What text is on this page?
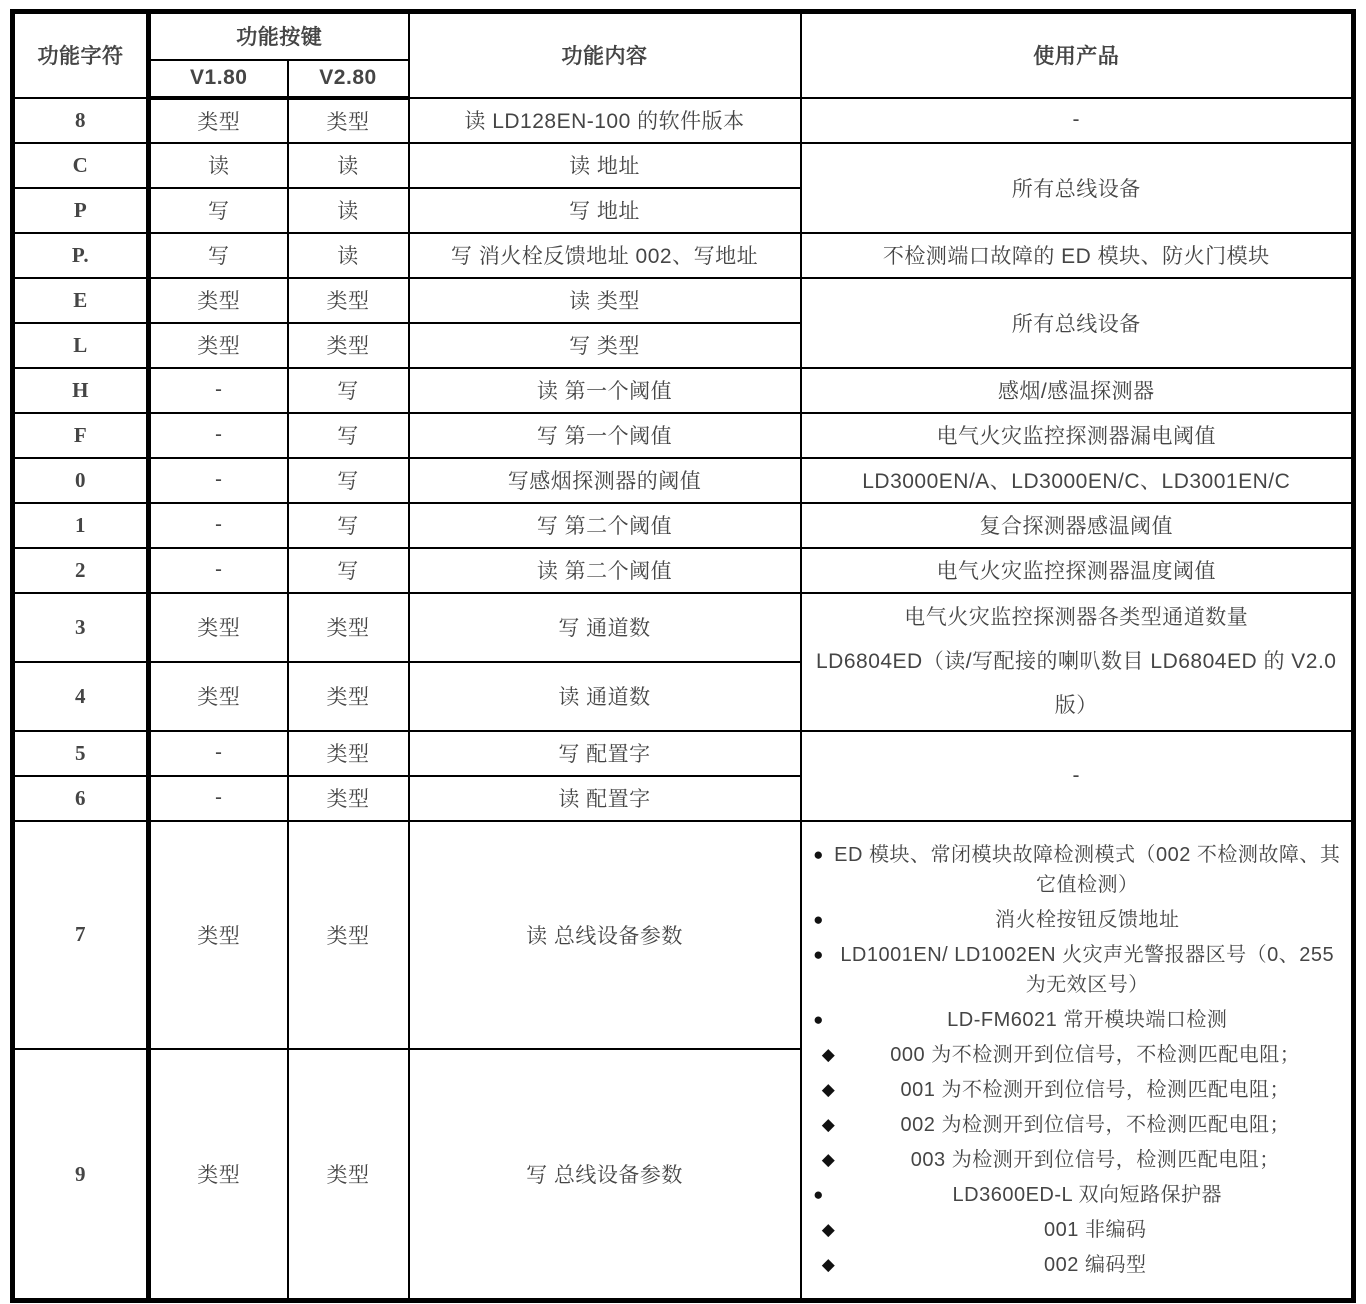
功能字符	功能按键		功能内容	使用产品
	V1.80	V2.80		
8	类型	类型	读 LD128EN-100 的软件版本	-
C	读	读	读 地址	所有总线设备
P	写	读	写 地址	
P.	写	读	写 消火栓反馈地址 002、写地址	不检测端口故障的 ED 模块、防火门模块
E	类型	类型	读 类型	所有总线设备
L	类型	类型	写 类型	
H	-	写	读 第一个阈值	感烟/感温探测器
F	-	写	写 第一个阈值	电气火灾监控探测器漏电阈值
0	-	写	写感烟探测器的阈值	LD3000EN/A、LD3000EN/C、LD3001EN/C
1	-	写	写 第二个阈值	复合探测器感温阈值
2	-	写	读 第二个阈值	电气火灾监控探测器温度阈值
3	类型	类型	写 通道数	电气火灾监控探测器各类型通道数量
LD6804ED（读/写配接的喇叭数目 LD6804ED 的 V2.0 版）

4	类型	类型	读 通道数	
5	-	类型	写 配置字	-
6	-	类型	读 配置字	
7	类型	类型	读 总线设备参数	
● ED 模块、常闭模块故障检测模式（002 不检测故障、其它值检测）
●	消火栓按钮反馈地址
● LD1001EN/ LD1002EN 火灾声光警报器区号（0、255 为无效区号）
●	LD-FM6021 常开模块端口检测
◆	000 为不检测开到位信号，不检测匹配电阻；
◆	001 为不检测开到位信号，检测匹配电阻；
◆	002 为检测开到位信号，不检测匹配电阻；
◆	003 为检测开到位信号，检测匹配电阻；
●	LD3600ED-L 双向短路保护器
◆	001 非编码
◆	002 编码型

9	类型	类型	写 总线设备参数	
